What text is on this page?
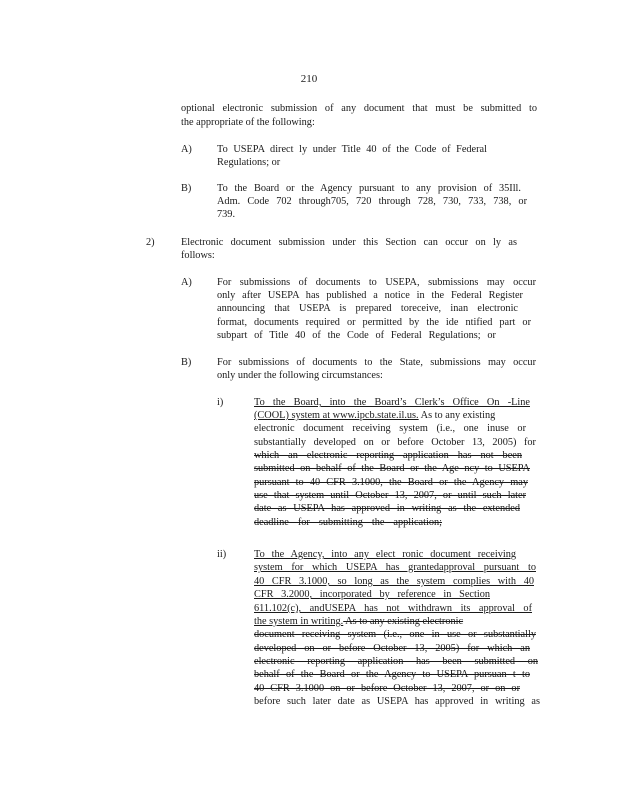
210
optional electronic submission of any document that must be submitted to
the appropriate of the following:
A) To USEPA direct ly under Title 40 of the Code of Federal
Regulations; or
B) To the Board or the Agency pursuant to any provision of 35Ill.
Adm. Code 702 through705, 720 through 728, 730, 733, 738, or
739.
2)	Electronic document submission under this Section can occur on ly as
follows:
A) For submissions of documents to USEPA, submissions may occur
only after USEPA has published a notice in the Federal Register
announcing that USEPA is prepared toreceive, inan electronic
format, documents required or permitted by the ide ntified part or
subpart of Title 40 of the Code of Federal Regulations; or
B) For submissions of documents to the State, submissions may occur
only under the following circumstances:
i)	To the Board, into the Board’s Clerk’s Office On -Line
(COOL) system at www.ipcb.state.il.us. As to any existing
electronic document receiving system (i.e., one inuse or
substantially developed on or before October 13, 2005) for
which an electronic reporting application has not been
submitted on behalf of the Board or the Age ncy to USEPA
pursuant to 40 CFR 3.1000, the Board or the Agency may
use that system until October 13, 2007, or until such later
date as USEPA has approved in writing as the extended
deadline for submitting the application;
ii)	To the Agency, into any elect ronic document receiving
system for which USEPA has grantedapproval pursuant to
40 CFR 3.1000, so long as the system complies with 40
CFR 3.2000, incorporated by reference in Section
611.102(c), andUSEPA has not withdrawn its approval of
the system in writing. As to any existing electronic
document receiving system (i.e., one in use or substantially
developed on or before October 13, 2005) for which an
electronic reporting application has been submitted on
behalf of the Board or the Agency to USEPA pursuan t to
40 CFR 3.1000 on or before October 13, 2007, or on or
before such later date as USEPA has approved in writing as
